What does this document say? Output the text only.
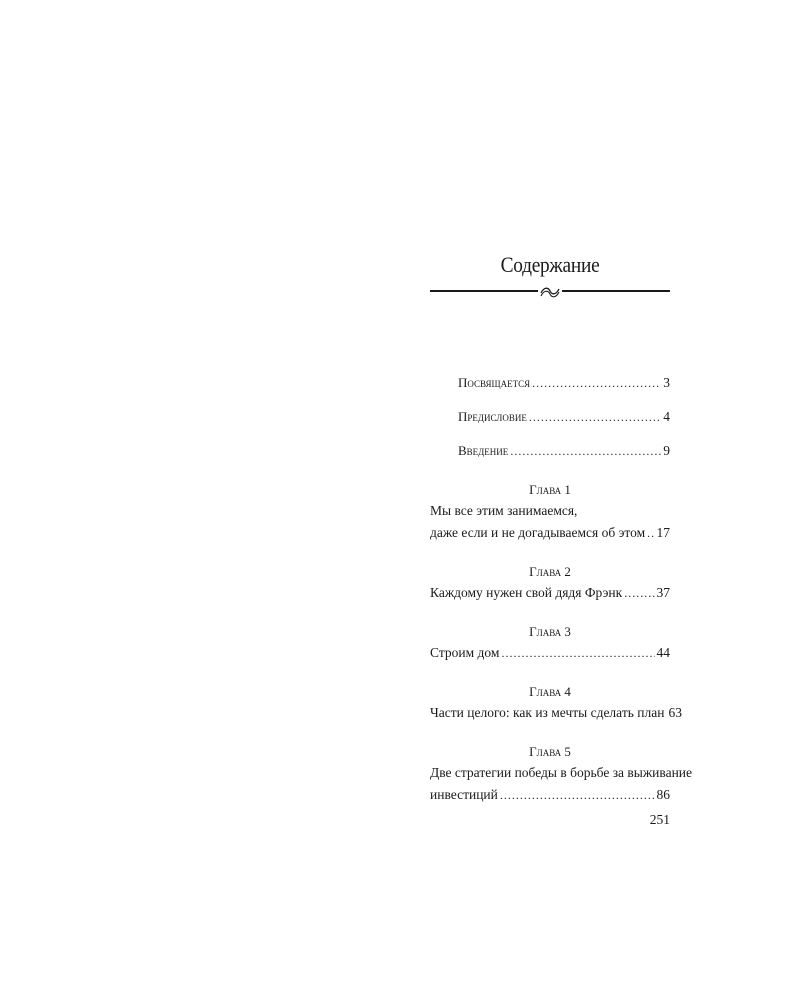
Содержание
Посвящается . . .	3
Предисловие . . .	4
Введение . . .	9
Глава 1
Мы все этим занимаемся,
даже если и не догадываемся об этом . . . 17
Глава 2
Каждому нужен свой дядя Фрэнк . . .	37
Глава 3
Строим дом . . .	44
Глава 4
Части целого: как из мечты сделать план 63
Глава 5
Две стратегии победы в борьбе за выживание
инвестиций . . .	86
251
